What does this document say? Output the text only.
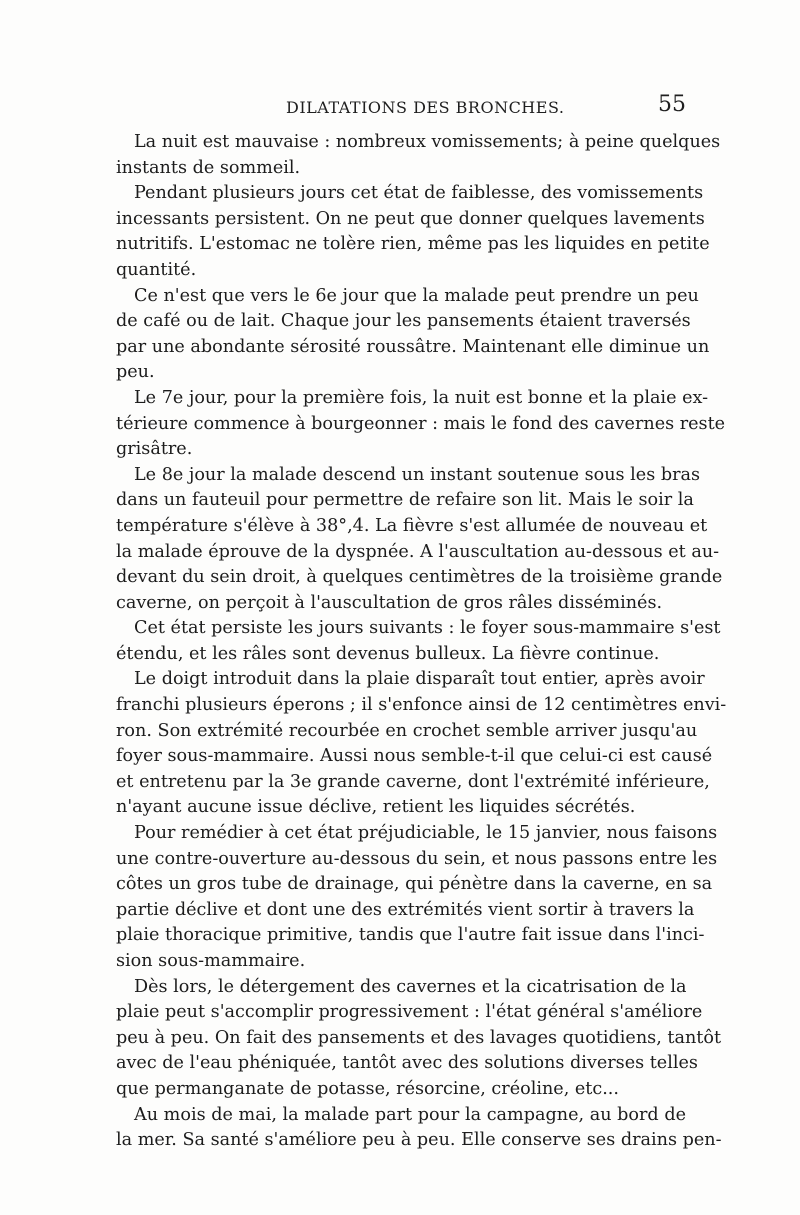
DILATATIONS DES BRONCHES.	55

La nuit est mauvaise : nombreux vomissements; à peine quelques
instants de sommeil.

Pendant plusieurs jours cet état de faiblesse, des vomissements
incessants persistent. On ne peut que donner quelques lavements
nutritifs. L'estomac ne tolère rien, même pas les liquides en petite
quantité.

Ce n'est que vers le 6e jour que la malade peut prendre un peu
de café ou de lait. Chaque jour les pansements étaient traversés
par une abondante sérosité roussâtre. Maintenant elle diminue un
peu.

Le 7e jour, pour la première fois, la nuit est bonne et la plaie ex-
térieure commence à bourgeonner : mais le fond des cavernes reste
grisâtre.

Le 8e jour la malade descend un instant soutenue sous les bras
dans un fauteuil pour permettre de refaire son lit. Mais le soir la
température s'élève à 38°,4. La fièvre s'est allumée de nouveau et
la malade éprouve de la dyspnée. A l'auscultation au-dessous et au-
devant du sein droit, à quelques centimètres de la troisième grande
caverne, on perçoit à l'auscultation de gros râles disséminés.

Cet état persiste les jours suivants : le foyer sous-mammaire s'est
étendu, et les râles sont devenus bulleux. La fièvre continue.

Le doigt introduit dans la plaie disparaît tout entier, après avoir
franchi plusieurs éperons ; il s'enfonce ainsi de 12 centimètres envi-
ron. Son extrémité recourbée en crochet semble arriver jusqu'au
foyer sous-mammaire. Aussi nous semble-t-il que celui-ci est causé
et entretenu par la 3e grande caverne, dont l'extrémité inférieure,
n'ayant aucune issue déclive, retient les liquides sécrétés.

Pour remédier à cet état préjudiciable, le 15 janvier, nous faisons
une contre-ouverture au-dessous du sein, et nous passons entre les
côtes un gros tube de drainage, qui pénètre dans la caverne, en sa
partie déclive et dont une des extrémités vient sortir à travers la
plaie thoracique primitive, tandis que l'autre fait issue dans l'inci-
sion sous-mammaire.

Dès lors, le détergement des cavernes et la cicatrisation de la
plaie peut s'accomplir progressivement : l'état général s'améliore
peu à peu. On fait des pansements et des lavages quotidiens, tantôt
avec de l'eau phéniquée, tantôt avec des solutions diverses telles
que permanganate de potasse, résorcine, créoline, etc...

Au mois de mai, la malade part pour la campagne, au bord de
la mer. Sa santé s'améliore peu à peu. Elle conserve ses drains pen-
